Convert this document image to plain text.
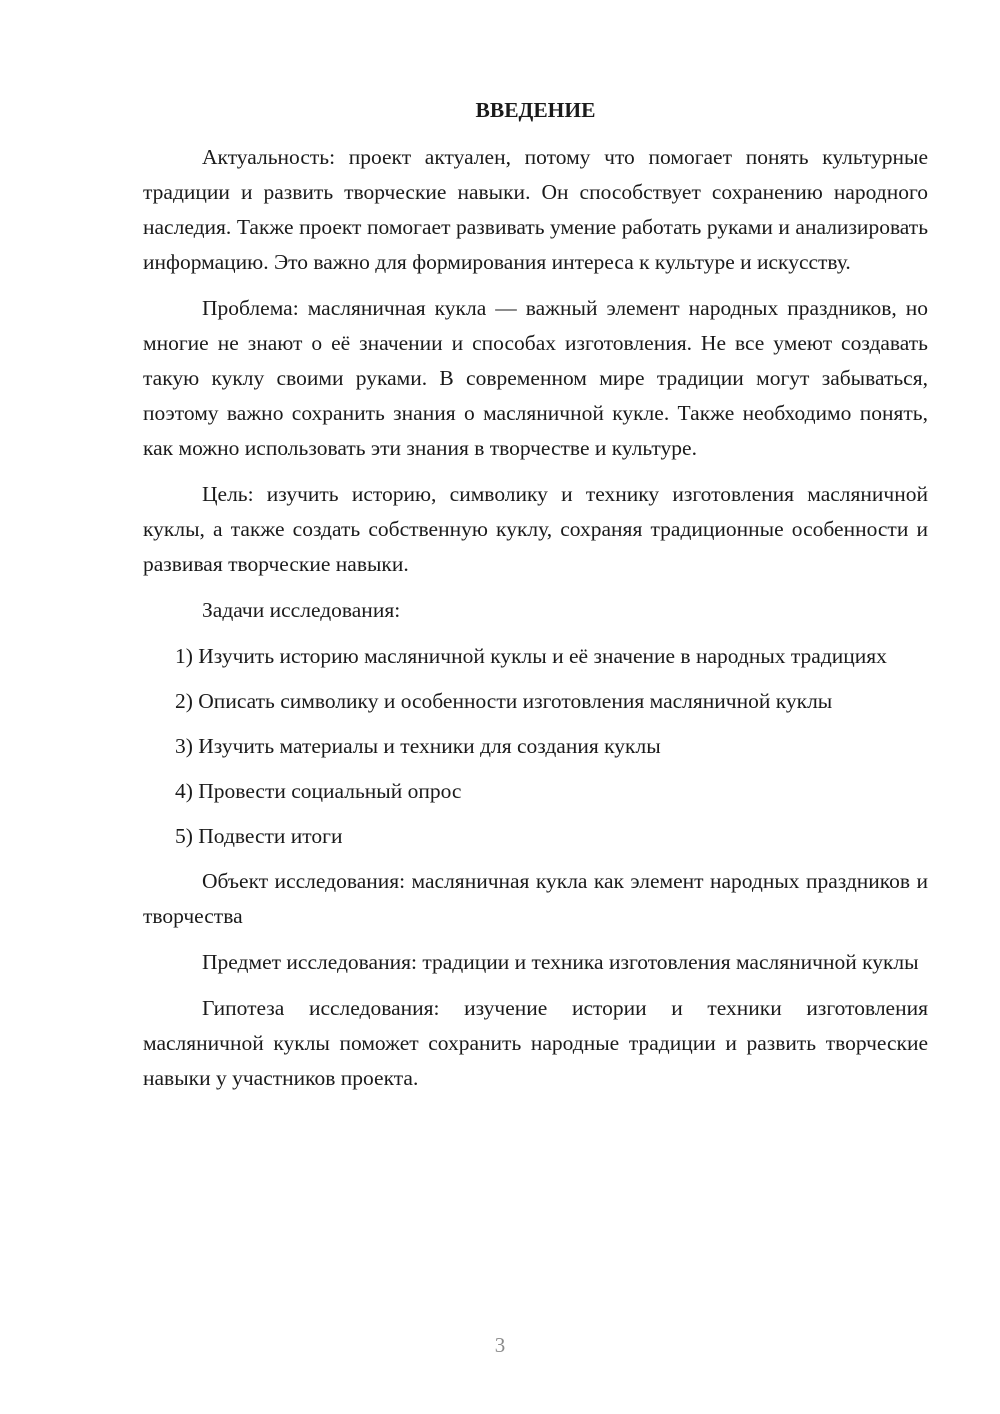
ВВЕДЕНИЕ

Актуальность: проект актуален, потому что помогает понять культурные традиции и развить творческие навыки. Он способствует сохранению народного наследия. Также проект помогает развивать умение работать руками и анализировать информацию. Это важно для формирования интереса к культуре и искусству.

Проблема: масляничная кукла — важный элемент народных праздников, но многие не знают о её значении и способах изготовления. Не все умеют создавать такую куклу своими руками. В современном мире традиции могут забываться, поэтому важно сохранить знания о масляничной кукле. Также необходимо понять, как можно использовать эти знания в творчестве и культуре.

Цель: изучить историю, символику и технику изготовления масляничной куклы, а также создать собственную куклу, сохраняя традиционные особенности и развивая творческие навыки.

Задачи исследования:

1) Изучить историю масляничной куклы и её значение в народных традициях

2) Описать символику и особенности изготовления масляничной куклы

3) Изучить материалы и техники для создания куклы

4) Провести социальный опрос

5) Подвести итоги

Объект исследования: масляничная кукла как элемент народных праздников и творчества

Предмет исследования: традиции и техника изготовления масляничной куклы

Гипотеза исследования: изучение истории и техники изготовления масляничной куклы поможет сохранить народные традиции и развить творческие навыки у участников проекта.

3
